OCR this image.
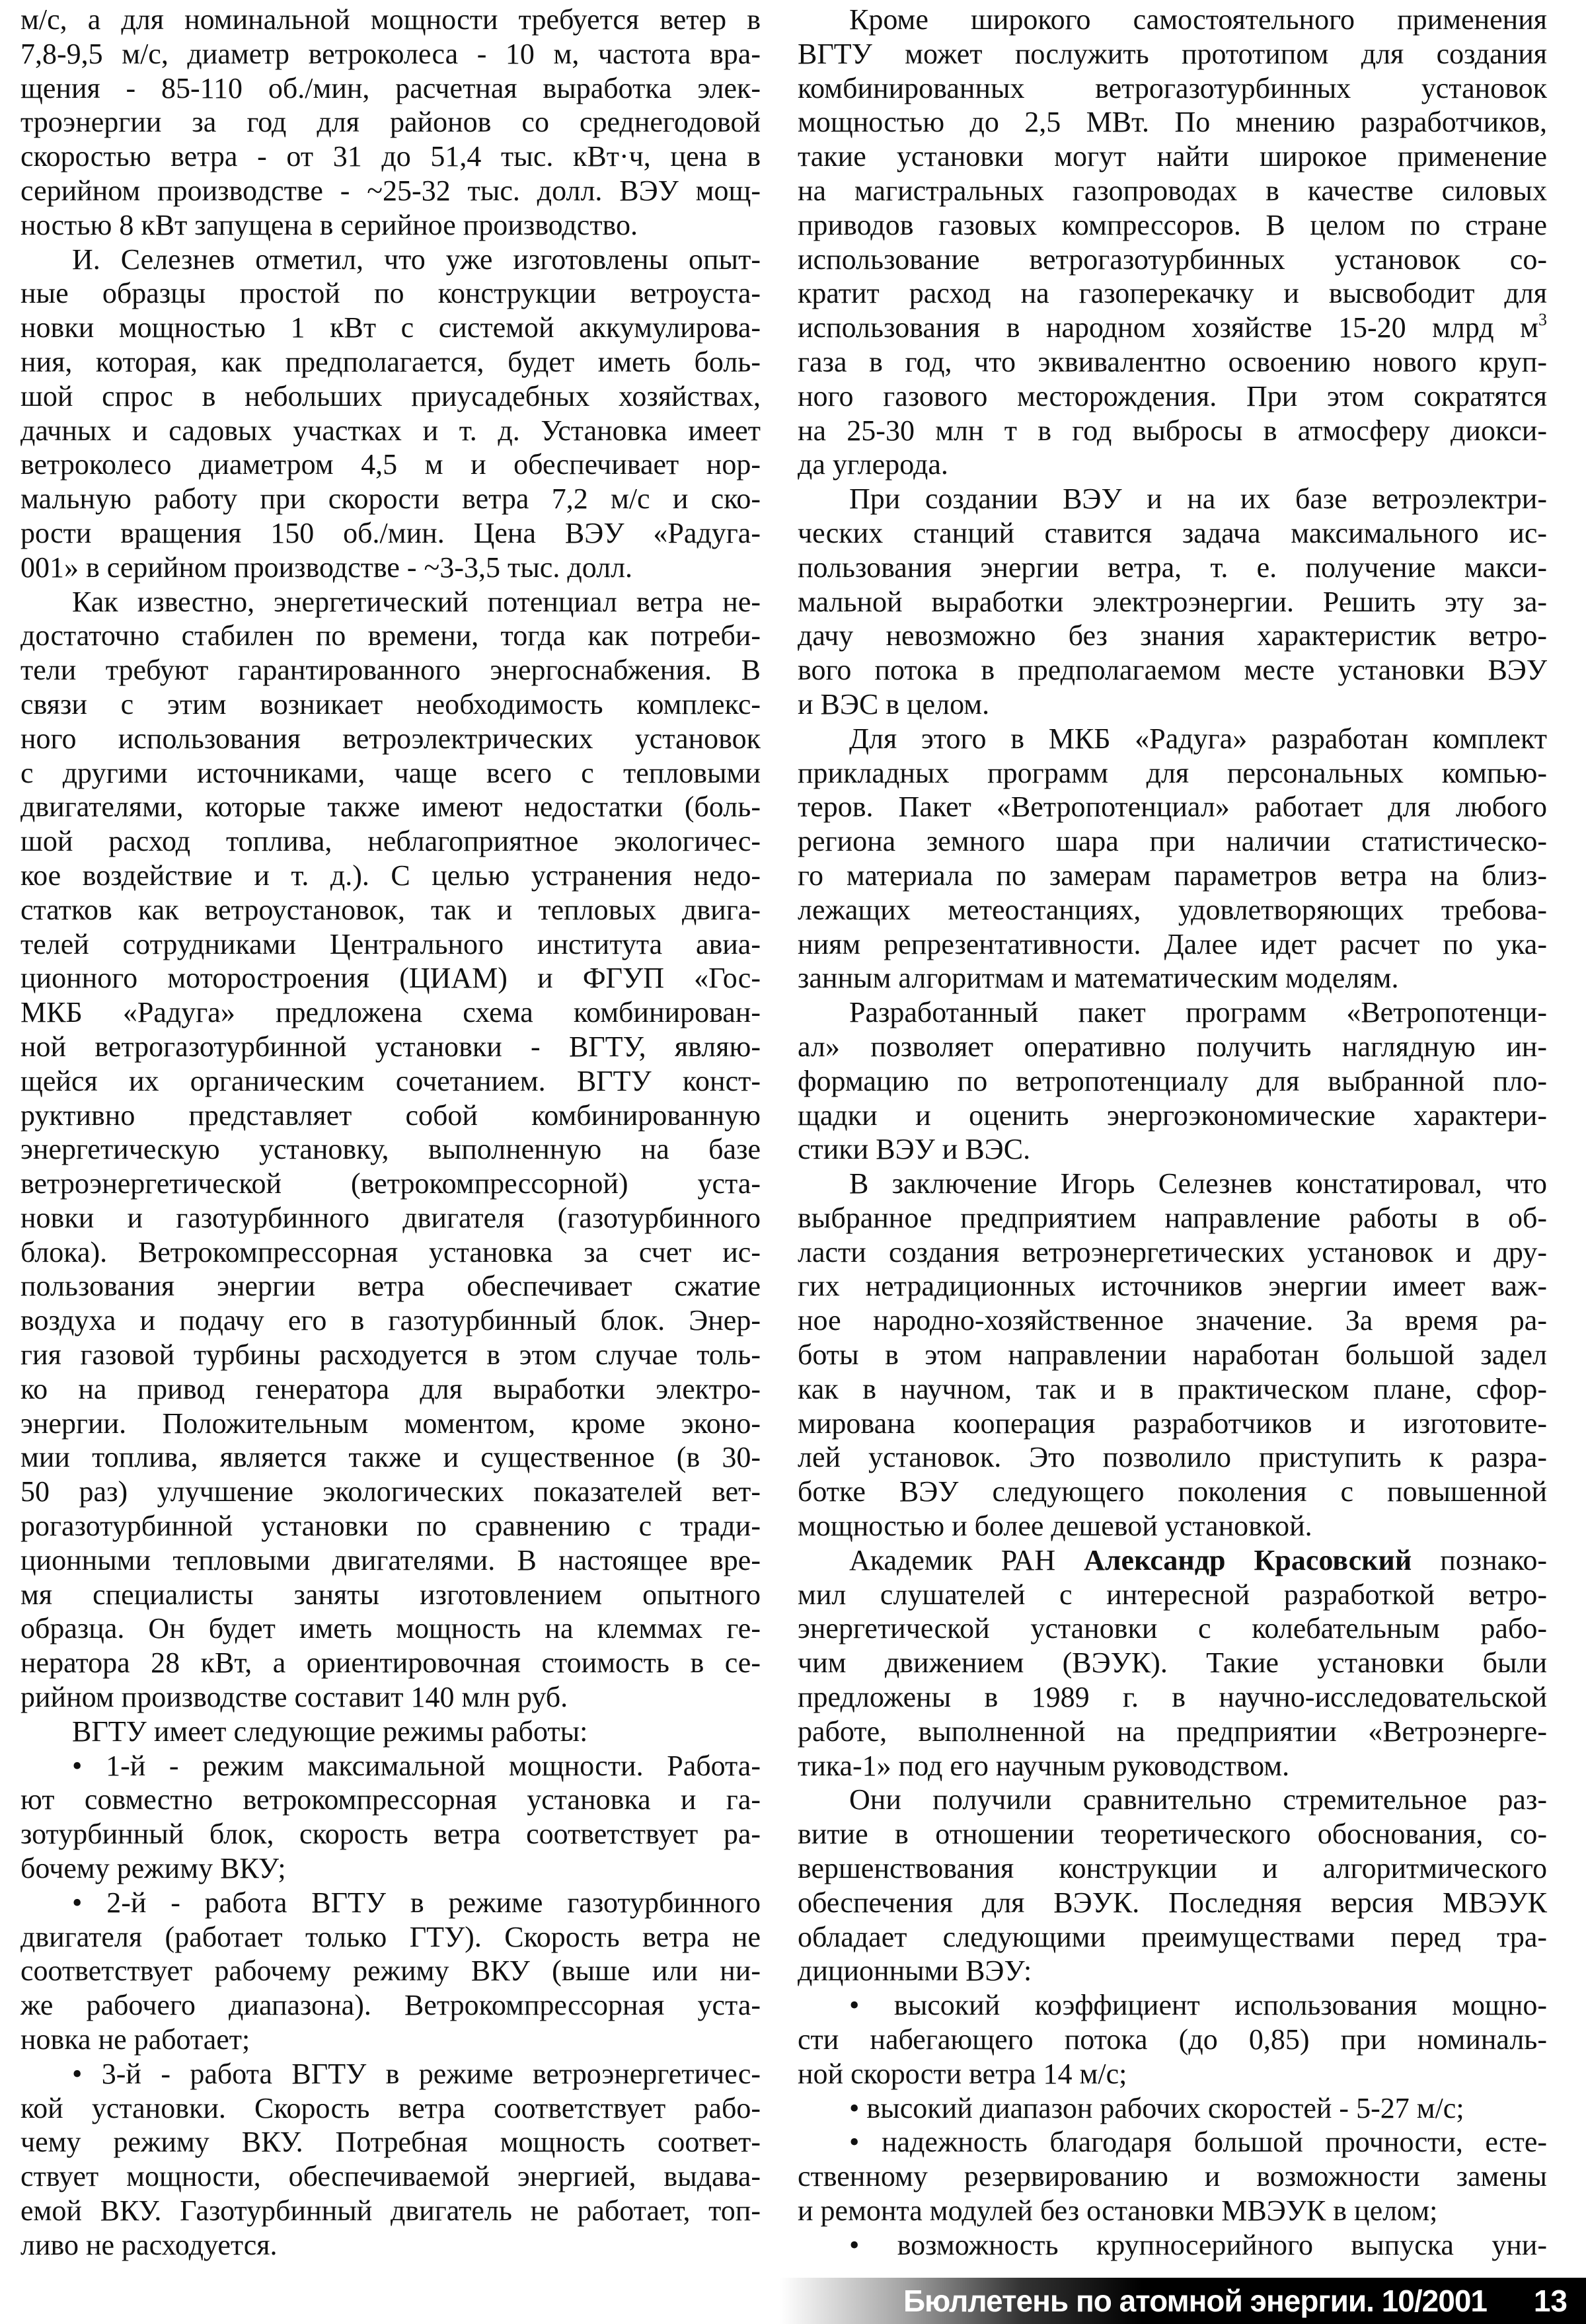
м/с, а для номинальной мощности требуется ветер в
7,8-9,5 м/с, диаметр ветроколеса - 10 м, частота вра-
щения - 85-110 об./мин, расчетная выработка элек-
троэнергии за год для районов со среднегодовой
скоростью ветра - от 31 до 51,4 тыс. кВт·ч, цена в
серийном производстве - ~25-32 тыс. долл. ВЭУ мощ-
ностью 8 кВт запущена в серийное производство.
И. Селезнев отметил, что уже изготовлены опыт-
ные образцы простой по конструкции ветроуста-
новки мощностью 1 кВт с системой аккумулирова-
ния, которая, как предполагается, будет иметь боль-
шой спрос в небольших приусадебных хозяйствах,
дачных и садовых участках и т. д. Установка имеет
ветроколесо диаметром 4,5 м и обеспечивает нор-
мальную работу при скорости ветра 7,2 м/с и ско-
рости вращения 150 об./мин. Цена ВЭУ «Радуга-
001» в серийном производстве - ~3-3,5 тыс. долл.
Как известно, энергетический потенциал ветра не-
достаточно стабилен по времени, тогда как потреби-
тели требуют гарантированного энергоснабжения. В
связи с этим возникает необходимость комплекс-
ного использования ветроэлектрических установок
с другими источниками, чаще всего с тепловыми
двигателями, которые также имеют недостатки (боль-
шой расход топлива, неблагоприятное экологичес-
кое воздействие и т. д.). С целью устранения недо-
статков как ветроустановок, так и тепловых двига-
телей сотрудниками Центрального института авиа-
ционного моторостроения (ЦИАМ) и ФГУП «Гос-
МКБ «Радуга» предложена схема комбинирован-
ной ветрогазотурбинной установки - ВГТУ, являю-
щейся их органическим сочетанием. ВГТУ конст-
руктивно представляет собой комбинированную
энергетическую установку, выполненную на базе
ветроэнергетической (ветрокомпрессорной) уста-
новки и газотурбинного двигателя (газотурбинного
блока). Ветрокомпрессорная установка за счет ис-
пользования энергии ветра обеспечивает сжатие
воздуха и подачу его в газотурбинный блок. Энер-
гия газовой турбины расходуется в этом случае толь-
ко на привод генератора для выработки электро-
энергии. Положительным моментом, кроме эконо-
мии топлива, является также и существенное (в 30-
50 раз) улучшение экологических показателей вет-
рогазотурбинной установки по сравнению с тради-
ционными тепловыми двигателями. В настоящее вре-
мя специалисты заняты изготовлением опытного
образца. Он будет иметь мощность на клеммах ге-
нератора 28 кВт, а ориентировочная стоимость в се-
рийном производстве составит 140 млн руб.
ВГТУ имеет следующие режимы работы:
• 1-й - режим максимальной мощности. Работа-
ют совместно ветрокомпрессорная установка и га-
зотурбинный блок, скорость ветра соответствует ра-
бочему режиму ВКУ;
• 2-й - работа ВГТУ в режиме газотурбинного
двигателя (работает только ГТУ). Скорость ветра не
соответствует рабочему режиму ВКУ (выше или ни-
же рабочего диапазона). Ветрокомпрессорная уста-
новка не работает;
• 3-й - работа ВГТУ в режиме ветроэнергетичес-
кой установки. Скорость ветра соответствует рабо-
чему режиму ВКУ. Потребная мощность соответ-
ствует мощности, обеспечиваемой энергией, выдава-
емой ВКУ. Газотурбинный двигатель не работает, топ-
ливо не расходуется.
Кроме широкого самостоятельного применения
ВГТУ может послужить прототипом для создания
комбинированных ветрогазотурбинных установок
мощностью до 2,5 МВт. По мнению разработчиков,
такие установки могут найти широкое применение
на магистральных газопроводах в качестве силовых
приводов газовых компрессоров. В целом по стране
использование ветрогазотурбинных установок со-
кратит расход на газоперекачку и высвободит для
использования в народном хозяйстве 15-20 млрд $м^3$
газа в год, что эквивалентно освоению нового круп-
ного газового месторождения. При этом сократятся
на 25-30 млн т в год выбросы в атмосферу диокси-
да углерода.
При создании ВЭУ и на их базе ветроэлектри-
ческих станций ставится задача максимального ис-
пользования энергии ветра, т. е. получение макси-
мальной выработки электроэнергии. Решить эту за-
дачу невозможно без знания характеристик ветро-
вого потока в предполагаемом месте установки ВЭУ
и ВЭС в целом.
Для этого в МКБ «Радуга» разработан комплект
прикладных программ для персональных компью-
теров. Пакет «Ветропотенциал» работает для любого
региона земного шара при наличии статистическо-
го материала по замерам параметров ветра на близ-
лежащих метеостанциях, удовлетворяющих требова-
ниям репрезентативности. Далее идет расчет по ука-
занным алгоритмам и математическим моделям.
Разработанный пакет программ «Ветропотенци-
ал» позволяет оперативно получить наглядную ин-
формацию по ветропотенциалу для выбранной пло-
щадки и оценить энергоэкономические характери-
стики ВЭУ и ВЭС.
В заключение Игорь Селезнев констатировал, что
выбранное предприятием направление работы в об-
ласти создания ветроэнергетических установок и дру-
гих нетрадиционных источников энергии имеет важ-
ное народно-хозяйственное значение. За время ра-
боты в этом направлении наработан большой задел
как в научном, так и в практическом плане, сфор-
мирована кооперация разработчиков и изготовите-
лей установок. Это позволило приступить к разра-
ботке ВЭУ следующего поколения с повышенной
мощностью и более дешевой установкой.
Академик РАН Александр Красовский познако-
мил слушателей с интересной разработкой ветро-
энергетической установки с колебательным рабо-
чим движением (ВЭУК). Такие установки были
предложены в 1989 г. в научно-исследовательской
работе, выполненной на предприятии «Ветроэнерге-
тика-1» под его научным руководством.
Они получили сравнительно стремительное раз-
витие в отношении теоретического обоснования, со-
вершенствования конструкции и алгоритмического
обеспечения для ВЭУК. Последняя версия МВЭУК
обладает следующими преимуществами перед тра-
диционными ВЭУ:
• высокий коэффициент использования мощно-
сти набегающего потока (до 0,85) при номиналь-
ной скорости ветра 14 м/с;
• высокий диапазон рабочих скоростей - 5-27 м/с;
• надежность благодаря большой прочности, есте-
ственному резервированию и возможности замены
и ремонта модулей без остановки МВЭУК в целом;
• возможность крупносерийного выпуска уни-
Бюллетень по атомной энергии. 10/2001 13
